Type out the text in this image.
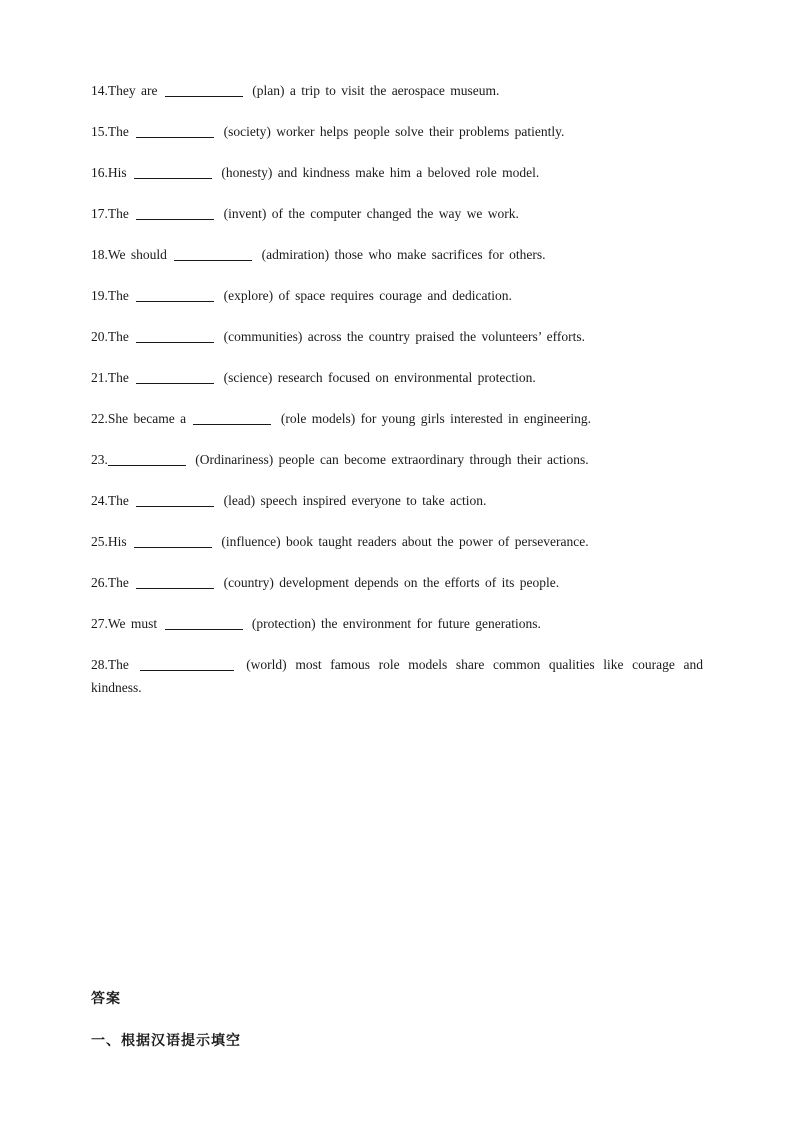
14.They are	(plan) a trip to visit the aerospace museum.
15.The	(society) worker helps people solve their problems patiently.
16.His	(honesty) and kindness make him a beloved role model.
17.The	(invent) of the computer changed the way we work.
18.We should	(admiration) those who make sacrifices for others.
19.The	(explore) of space requires courage and dedication.
20.The	(communities) across the country praised the volunteers’ efforts.
21.The	(science) research focused on environmental protection.
22.She became a	(role models) for young girls interested in engineering.
23.	(Ordinariness) people can become extraordinary through their actions.
24.The	(lead) speech inspired everyone to take action.
25.His	(influence) book taught readers about the power of perseverance.
26.The	(country) development depends on the efforts of its people.
27.We must	(protection) the environment for future generations.
28.The	(world) most famous role models share common qualities like courage and kindness.
答案
一、根据汉语提示填空
